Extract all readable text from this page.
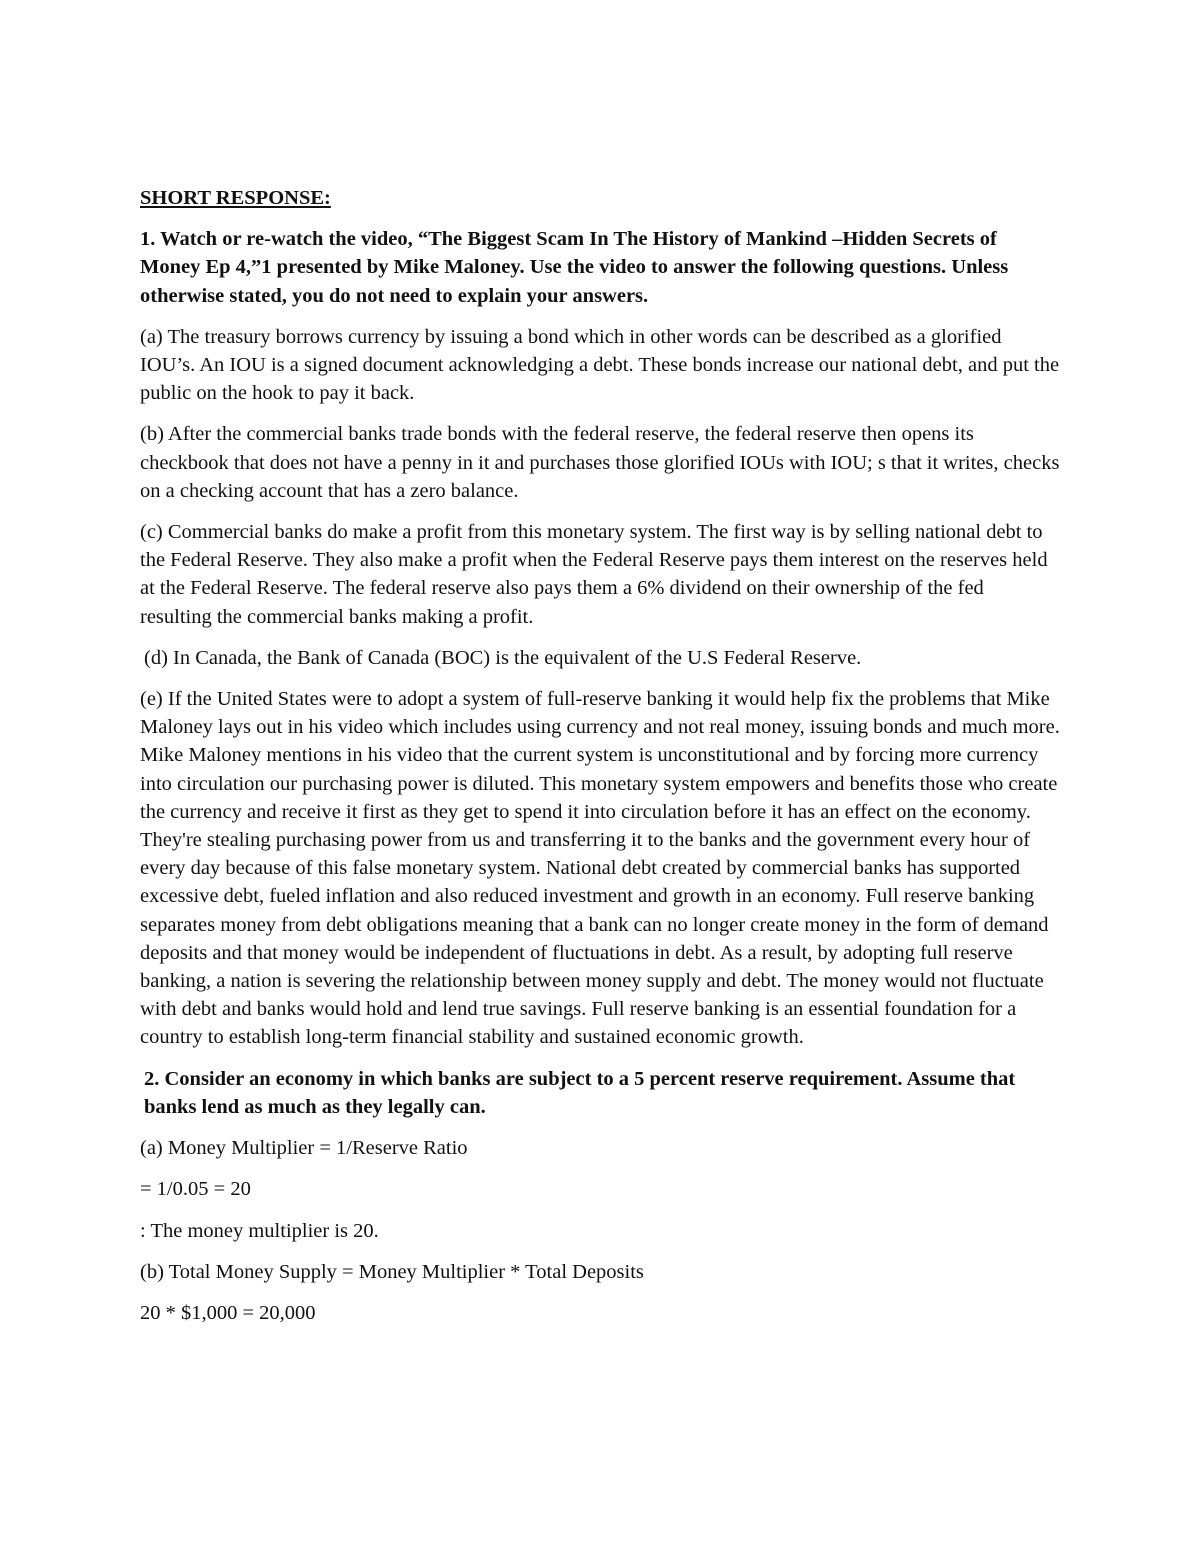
SHORT RESPONSE:
1. Watch or re-watch the video, “The Biggest Scam In The History of Mankind –Hidden Secrets of Money Ep 4,”1 presented by Mike Maloney. Use the video to answer the following questions. Unless otherwise stated, you do not need to explain your answers.
(a) The treasury borrows currency by issuing a bond which in other words can be described as a glorified IOU’s. An IOU is a signed document acknowledging a debt. These bonds increase our national debt, and put the public on the hook to pay it back.
(b) After the commercial banks trade bonds with the federal reserve, the federal reserve then opens its checkbook that does not have a penny in it and purchases those glorified IOUs with IOU; s that it writes, checks on a checking account that has a zero balance.
(c) Commercial banks do make a profit from this monetary system. The first way is by selling national debt to the Federal Reserve. They also make a profit when the Federal Reserve pays them interest on the reserves held at the Federal Reserve. The federal reserve also pays them a 6% dividend on their ownership of the fed resulting the commercial banks making a profit.
(d) In Canada, the Bank of Canada (BOC) is the equivalent of the U.S Federal Reserve.
(e) If the United States were to adopt a system of full-reserve banking it would help fix the problems that Mike Maloney lays out in his video which includes using currency and not real money, issuing bonds and much more. Mike Maloney mentions in his video that the current system is unconstitutional and by forcing more currency into circulation our purchasing power is diluted. This monetary system empowers and benefits those who create the currency and receive it first as they get to spend it into circulation before it has an effect on the economy. They're stealing purchasing power from us and transferring it to the banks and the government every hour of every day because of this false monetary system. National debt created by commercial banks has supported excessive debt, fueled inflation and also reduced investment and growth in an economy. Full reserve banking separates money from debt obligations meaning that a bank can no longer create money in the form of demand deposits and that money would be independent of fluctuations in debt. As a result, by adopting full reserve banking, a nation is severing the relationship between money supply and debt. The money would not fluctuate with debt and banks would hold and lend true savings. Full reserve banking is an essential foundation for a country to establish long-term financial stability and sustained economic growth.
2. Consider an economy in which banks are subject to a 5 percent reserve requirement. Assume that banks lend as much as they legally can.
(a) Money Multiplier = 1/Reserve Ratio
= 1/0.05 = 20
: The money multiplier is 20.
(b) Total Money Supply = Money Multiplier * Total Deposits
20 * $1,000 = 20,000
